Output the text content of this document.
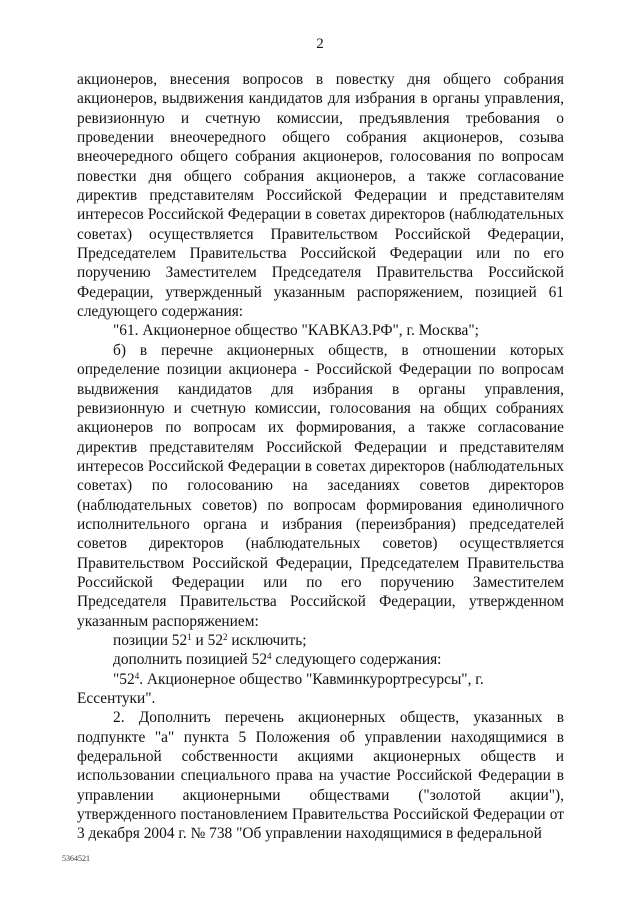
2

акционеров, внесения вопросов в повестку дня общего собрания акционеров, выдвижения кандидатов для избрания в органы управления, ревизионную и счетную комиссии, предъявления требования о проведении внеочередного общего собрания акционеров, созыва внеочередного общего собрания акционеров, голосования по вопросам повестки дня общего собрания акционеров, а также согласование директив представителям Российской Федерации и представителям интересов Российской Федерации в советах директоров (наблюдательных советах) осуществляется Правительством Российской Федерации, Председателем Правительства Российской Федерации или по его поручению Заместителем Председателя Правительства Российской Федерации, утвержденный указанным распоряжением, позицией 61 следующего содержания:

"61. Акционерное общество "КАВКАЗ.РФ", г. Москва";

б) в перечне акционерных обществ, в отношении которых определение позиции акционера - Российской Федерации по вопросам выдвижения кандидатов для избрания в органы управления, ревизионную и счетную комиссии, голосования на общих собраниях акционеров по вопросам их формирования, а также согласование директив представителям Российской Федерации и представителям интересов Российской Федерации в советах директоров (наблюдательных советах) по голосованию на заседаниях советов директоров (наблюдательных советов) по вопросам формирования единоличного исполнительного органа и избрания (переизбрания) председателей советов директоров (наблюдательных советов) осуществляется Правительством Российской Федерации, Председателем Правительства Российской Федерации или по его поручению Заместителем Председателя Правительства Российской Федерации, утвержденном указанным распоряжением:

позиции $52^1$ и $52^2$ исключить;

дополнить позицией $52^4$ следующего содержания:

"$52^4$. Акционерное общество "Кавминкурортресурсы", г. Ессентуки".

2. Дополнить перечень акционерных обществ, указанных в подпункте "а" пункта 5 Положения об управлении находящимися в федеральной собственности акциями акционерных обществ и использовании специального права на участие Российской Федерации в управлении акционерными обществами ("золотой акции"), утвержденного постановлением Правительства Российской Федерации от 3 декабря 2004 г. № 738 "Об управлении находящимися в федеральной

5364521
